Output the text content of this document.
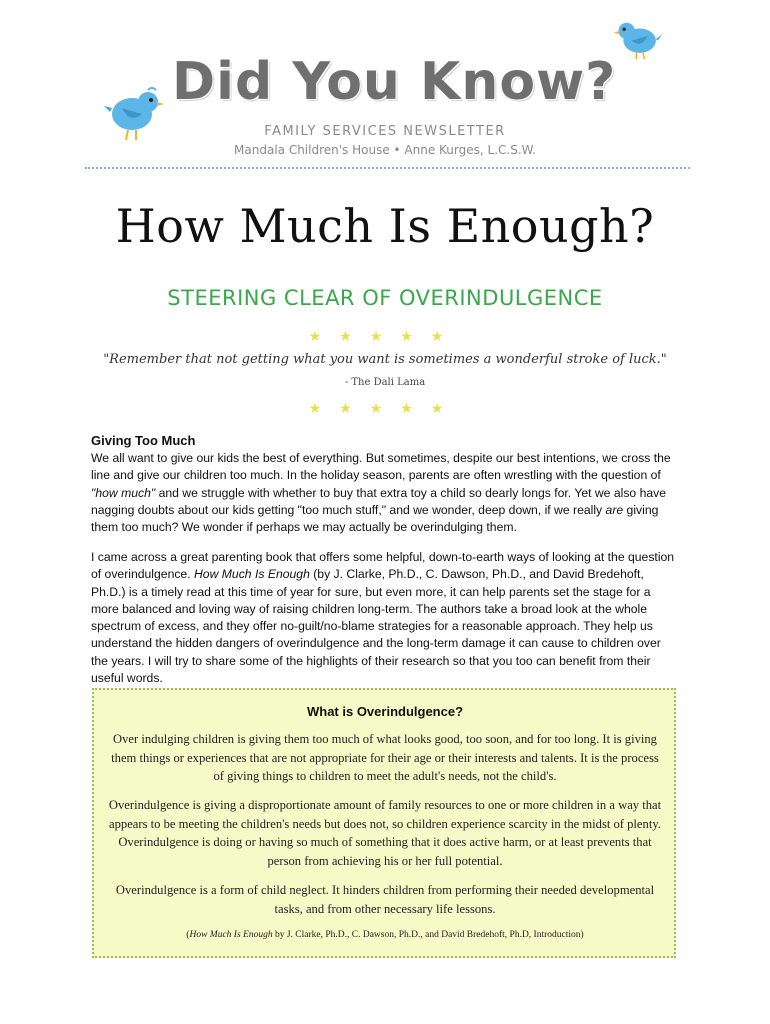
Did You Know?
FAMILY SERVICES NEWSLETTER
Mandala Children's House • Anne Kurges, L.C.S.W.
How Much Is Enough?
STEERING CLEAR OF OVERINDULGENCE
★★★★★
"Remember that not getting what you want is sometimes a wonderful stroke of luck."
- The Dali Lama
★★★★★
Giving Too Much
We all want to give our kids the best of everything. But sometimes, despite our best intentions, we cross the line and give our children too much. In the holiday season, parents are often wrestling with the question of "how much" and we struggle with whether to buy that extra toy a child so dearly longs for. Yet we also have nagging doubts about our kids getting "too much stuff," and we wonder, deep down, if we really are giving them too much? We wonder if perhaps we may actually be overindulging them.
I came across a great parenting book that offers some helpful, down-to-earth ways of looking at the question of overindulgence. How Much Is Enough (by J. Clarke, Ph.D., C. Dawson, Ph.D., and David Bredehoft, Ph.D.) is a timely read at this time of year for sure, but even more, it can help parents set the stage for a more balanced and loving way of raising children long-term. The authors take a broad look at the whole spectrum of excess, and they offer no-guilt/no-blame strategies for a reasonable approach. They help us understand the hidden dangers of overindulgence and the long-term damage it can cause to children over the years. I will try to share some of the highlights of their research so that you too can benefit from their useful words.
What is Overindulgence?
Over indulging children is giving them too much of what looks good, too soon, and for too long. It is giving them things or experiences that are not appropriate for their age or their interests and talents. It is the process of giving things to children to meet the adult's needs, not the child's.
Overindulgence is giving a disproportionate amount of family resources to one or more children in a way that appears to be meeting the children's needs but does not, so children experience scarcity in the midst of plenty. Overindulgence is doing or having so much of something that it does active harm, or at least prevents that person from achieving his or her full potential.
Overindulgence is a form of child neglect. It hinders children from performing their needed developmental tasks, and from other necessary life lessons.
(How Much Is Enough by J. Clarke, Ph.D., C. Dawson, Ph.D., and David Bredehoft, Ph.D, Introduction)
